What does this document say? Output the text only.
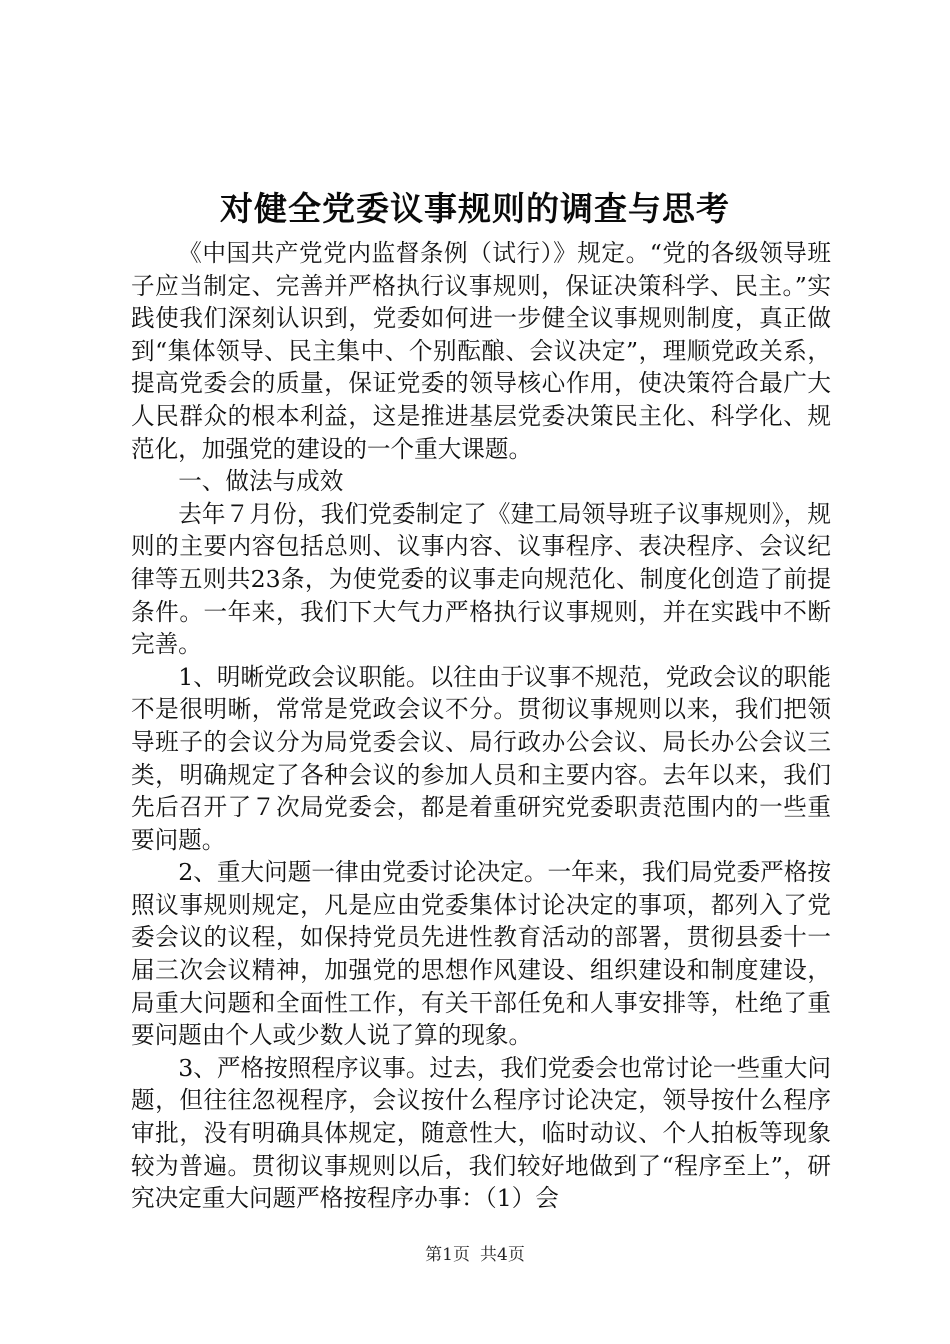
对健全党委议事规则的调查与思考

《中国共产党党内监督条例（试行）》规定。“党的各级领导班子应当制定、完善并严格执行议事规则，保证决策科学、民主。”实践使我们深刻认识到，党委如何进一步健全议事规则制度，真正做到“集体领导、民主集中、个别酝酿、会议决定”，理顺党政关系，提高党委会的质量，保证党委的领导核心作用，使决策符合最广大人民群众的根本利益，这是推进基层党委决策民主化、科学化、规范化，加强党的建设的一个重大课题。

一、做法与成效

去年７月份，我们党委制定了《建工局领导班子议事规则》，规则的主要内容包括总则、议事内容、议事程序、表决程序、会议纪律等五则共23条，为使党委的议事走向规范化、制度化创造了前提条件。一年来，我们下大气力严格执行议事规则，并在实践中不断完善。

1、明晰党政会议职能。以往由于议事不规范，党政会议的职能不是很明晰，常常是党政会议不分。贯彻议事规则以来，我们把领导班子的会议分为局党委会议、局行政办公会议、局长办公会议三类，明确规定了各种会议的参加人员和主要内容。去年以来，我们先后召开了７次局党委会，都是着重研究党委职责范围内的一些重要问题。

2、重大问题一律由党委讨论决定。一年来，我们局党委严格按照议事规则规定，凡是应由党委集体讨论决定的事项，都列入了党委会议的议程，如保持党员先进性教育活动的部署，贯彻县委十一届三次会议精神，加强党的思想作风建设、组织建设和制度建设，局重大问题和全面性工作，有关干部任免和人事安排等，杜绝了重要问题由个人或少数人说了算的现象。

3、严格按照程序议事。过去，我们党委会也常讨论一些重大问题，但往往忽视程序，会议按什么程序讨论决定，领导按什么程序审批，没有明确具体规定，随意性大，临时动议、个人拍板等现象较为普遍。贯彻议事规则以后，我们较好地做到了“程序至上”，研究决定重大问题严格按程序办事：（1）会

第1页 共4页
